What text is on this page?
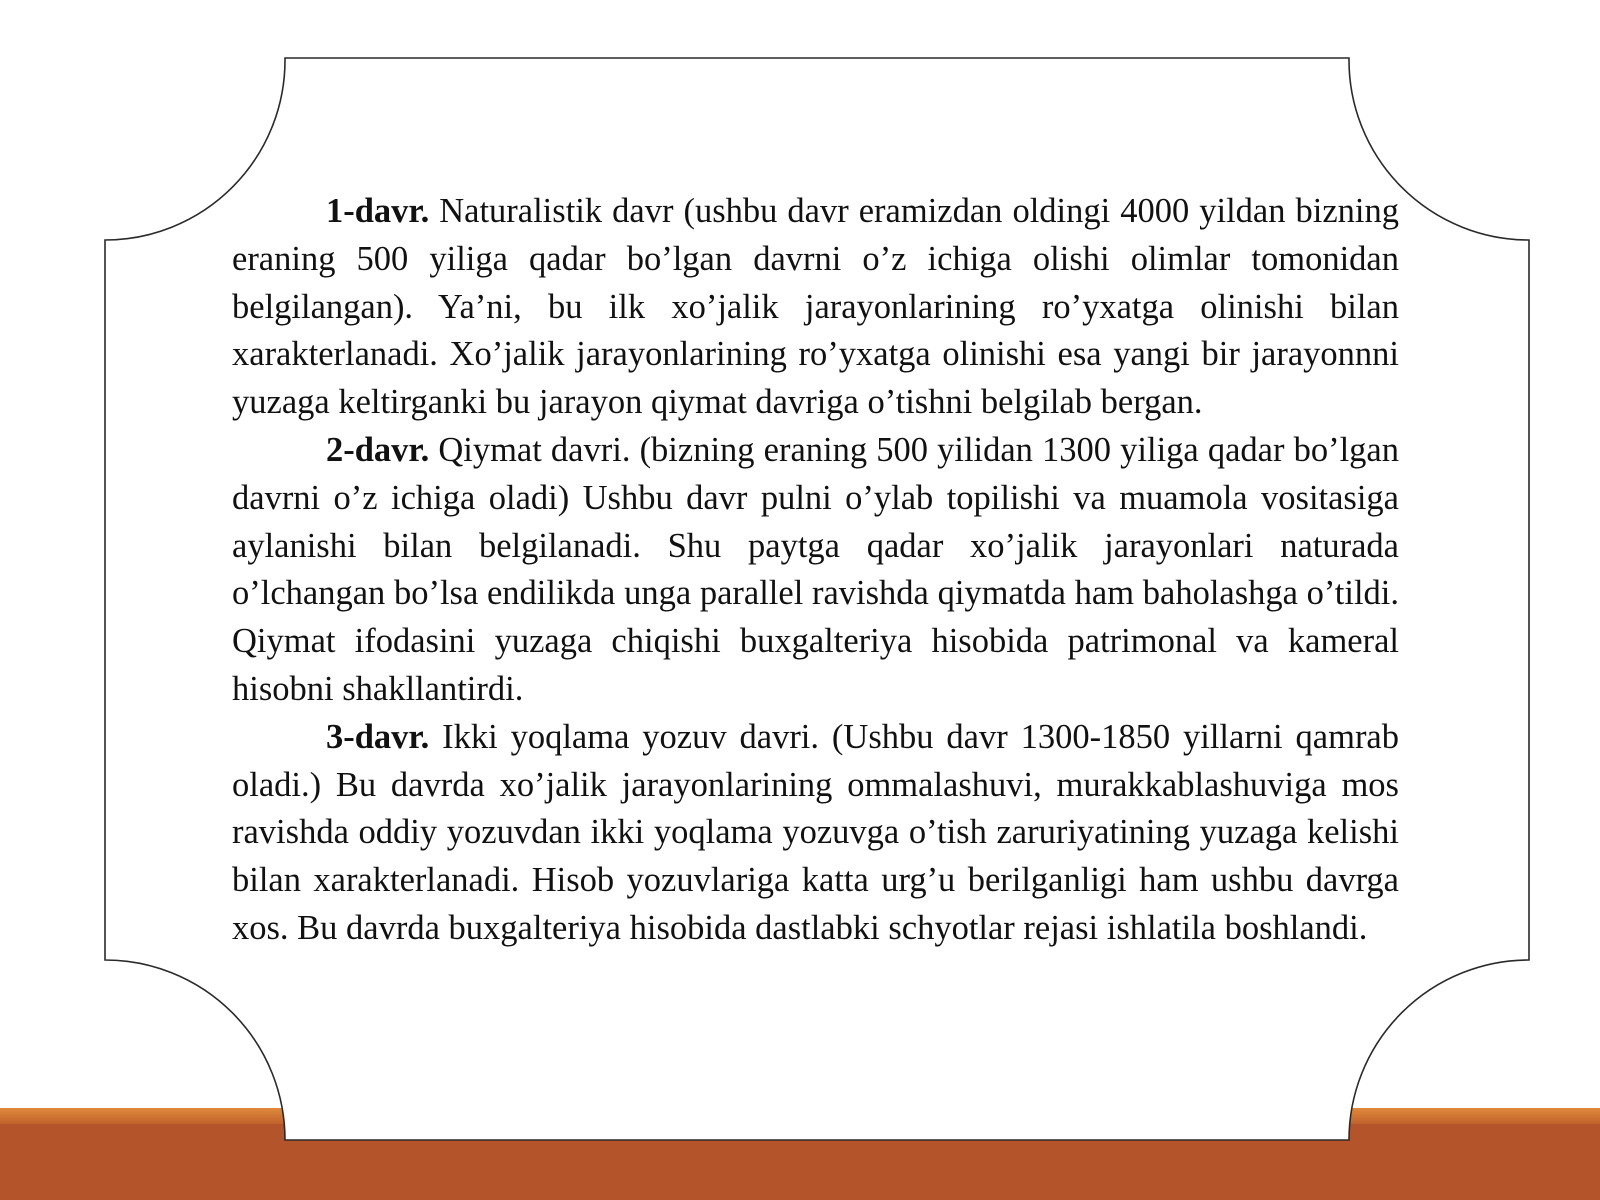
1-davr. Naturalistik davr (ushbu davr eramizdan oldingi 4000 yildan bizning eraning 500 yiliga qadar bo’lgan davrni o’z ichiga olishi olimlar tomonidan belgilangan). Ya’ni, bu ilk xo’jalik jarayonlarining ro’yxatga olinishi bilan xarakterlanadi. Xo’jalik jarayonlarining ro’yxatga olinishi esa yangi bir jarayonnni yuzaga keltirganki bu jarayon qiymat davriga o’tishni belgilab bergan.

2-davr. Qiymat davri. (bizning eraning 500 yilidan 1300 yiliga qadar bo’lgan davrni o’z ichiga oladi) Ushbu davr pulni o’ylab topilishi va muamola vositasiga aylanishi bilan belgilanadi. Shu paytga qadar xo’jalik jarayonlari naturada o’lchangan bo’lsa endilikda unga parallel ravishda qiymatda ham baholashga o’tildi. Qiymat ifodasini yuzaga chiqishi buxgalteriya hisobida patrimonal va kameral hisobni shakllantirdi.

3-davr. Ikki yoqlama yozuv davri. (Ushbu davr 1300-1850 yillarni qamrab oladi.) Bu davrda xo’jalik jarayonlarining ommalashuvi, murakkablashuviga mos ravishda oddiy yozuvdan ikki yoqlama yozuvga o’tish zaruriyatining yuzaga kelishi bilan xarakterlanadi. Hisob yozuvlariga katta urg’u berilganligi ham ushbu davrga xos. Bu davrda buxgalteriya hisobida dastlabki schyotlar rejasi ishlatila boshlandi.
